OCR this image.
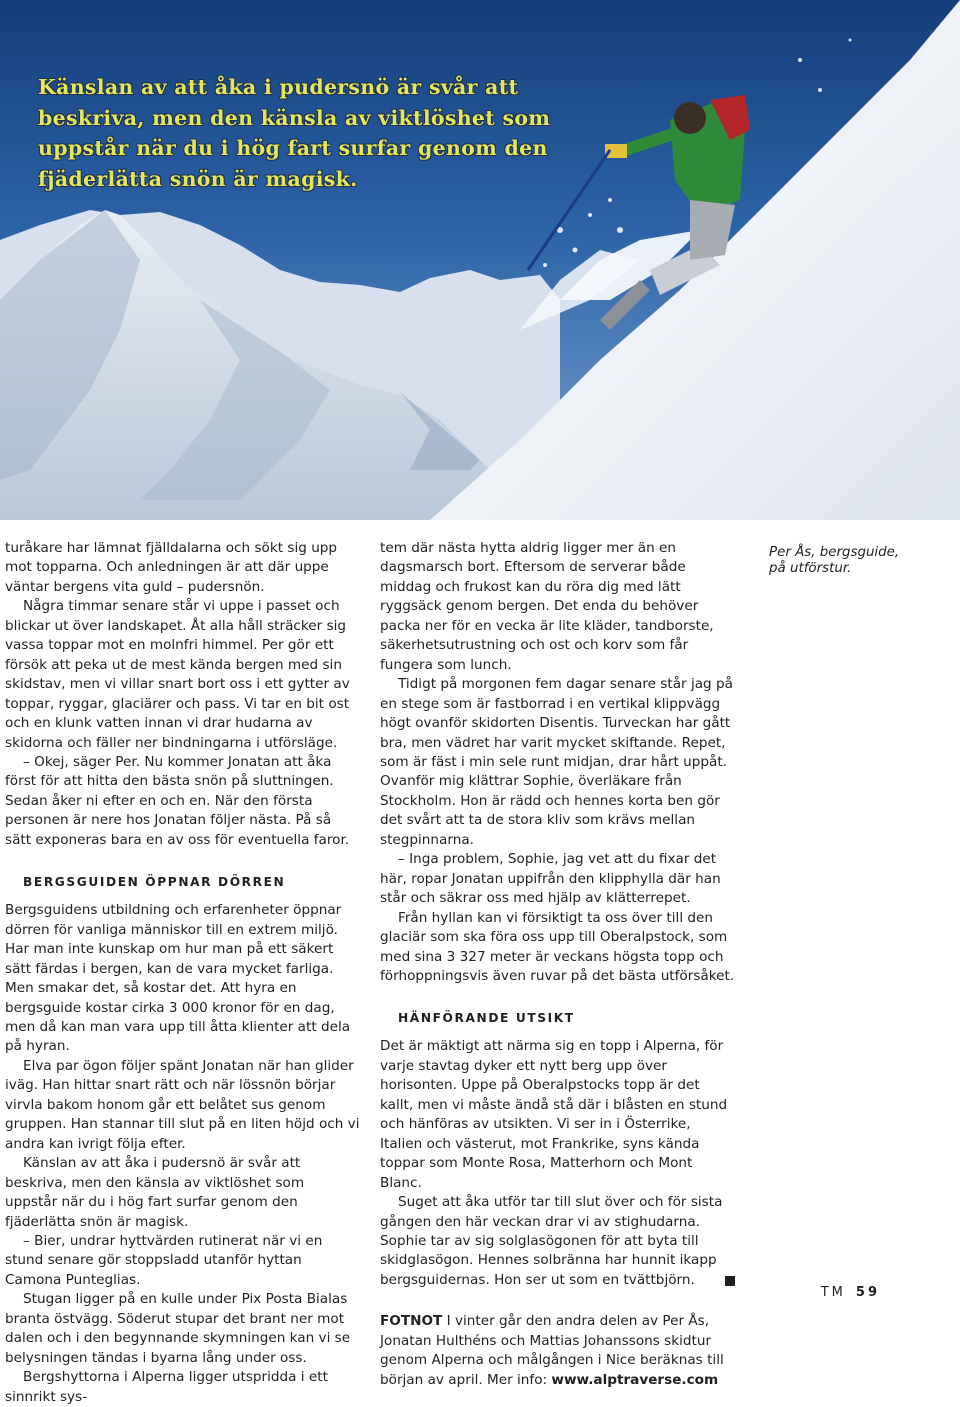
Känslan av att åka i pudersnö är svår att
beskriva, men den känsla av viktlöshet som
uppstår när du i hög fart surfar genom den
fjäderlätta snön är magisk.

turåkare har lämnat fjälldalarna och sökt sig upp mot topparna. Och anledningen är att där uppe väntar bergens vita guld – pudersnön.

Några timmar senare står vi uppe i passet och blickar ut över landskapet. Åt alla håll sträcker sig vassa toppar mot en molnfri himmel. Per gör ett försök att peka ut de mest kända bergen med sin skidstav, men vi villar snart bort oss i ett gytter av toppar, ryggar, glaciärer och pass. Vi tar en bit ost och en klunk vatten innan vi drar hudarna av skidorna och fäller ner bindningarna i utförsläge.

– Okej, säger Per. Nu kommer Jonatan att åka först för att hitta den bästa snön på sluttningen. Sedan åker ni efter en och en. När den första personen är nere hos Jonatan följer nästa. På så sätt exponeras bara en av oss för eventuella faror.

BERGSGUIDEN ÖPPNAR DÖRREN

Bergsguidens utbildning och erfarenheter öppnar dörren för vanliga människor till en extrem miljö. Har man inte kunskap om hur man på ett säkert sätt färdas i bergen, kan de vara mycket farliga. Men smakar det, så kostar det. Att hyra en bergsguide kostar cirka 3 000 kronor för en dag, men då kan man vara upp till åtta klienter att dela på hyran.

Elva par ögon följer spänt Jonatan när han glider iväg. Han hittar snart rätt och när lössnön börjar virvla bakom honom går ett belåtet sus genom gruppen. Han stannar till slut på en liten höjd och vi andra kan ivrigt följa efter.

Känslan av att åka i pudersnö är svår att beskriva, men den känsla av viktlöshet som uppstår när du i hög fart surfar genom den fjäderlätta snön är magisk.

– Bier, undrar hyttvärden rutinerat när vi en stund senare gör stoppsladd utanför hyttan Camona Punteglias.

Stugan ligger på en kulle under Pix Posta Bialas branta östvägg. Söderut stupar det brant ner mot dalen och i den begynnande skymningen kan vi se belysningen tändas i byarna lång under oss.

Bergshyttorna i Alperna ligger utspridda i ett sinnrikt sys-

tem där nästa hytta aldrig ligger mer än en dagsmarsch bort. Eftersom de serverar både middag och frukost kan du röra dig med lätt ryggsäck genom bergen. Det enda du behöver packa ner för en vecka är lite kläder, tandborste, säkerhetsutrustning och ost och korv som får fungera som lunch.

Tidigt på morgonen fem dagar senare står jag på en stege som är fastborrad i en vertikal klippvägg högt ovanför skidorten Disentis. Turveckan har gått bra, men vädret har varit mycket skiftande. Repet, som är fäst i min sele runt midjan, drar hårt uppåt. Ovanför mig klättrar Sophie, överläkare från Stockholm. Hon är rädd och hennes korta ben gör det svårt att ta de stora kliv som krävs mellan stegpinnarna.

– Inga problem, Sophie, jag vet att du fixar det här, ropar Jonatan uppifrån den klipphylla där han står och säkrar oss med hjälp av klätterrepet.

Från hyllan kan vi försiktigt ta oss över till den glaciär som ska föra oss upp till Oberalpstock, som med sina 3 327 meter är veckans högsta topp och förhoppningsvis även ruvar på det bästa utförsåket.

HÄNFÖRANDE UTSIKT

Det är mäktigt att närma sig en topp i Alperna, för varje stavtag dyker ett nytt berg upp över horisonten. Uppe på Oberalpstocks topp är det kallt, men vi måste ändå stå där i blåsten en stund och hänföras av utsikten. Vi ser in i Österrike, Italien och västerut, mot Frankrike, syns kända toppar som Monte Rosa, Matterhorn och Mont Blanc.

Suget att åka utför tar till slut över och för sista gången den här veckan drar vi av stighudarna. Sophie tar av sig solglasögonen för att byta till skidglasögon. Hennes solbränna har hunnit ikapp bergsguidernas. Hon ser ut som en tvättbjörn.

FOTNOT I vinter går den andra delen av Per Ås, Jonatan Hulthéns och Mattias Johanssons skidtur genom Alperna och målgången i Nice beräknas till början av april. Mer info: www.alptraverse.com

Per Ås, bergsguide,
på utförstur.
TM 59
